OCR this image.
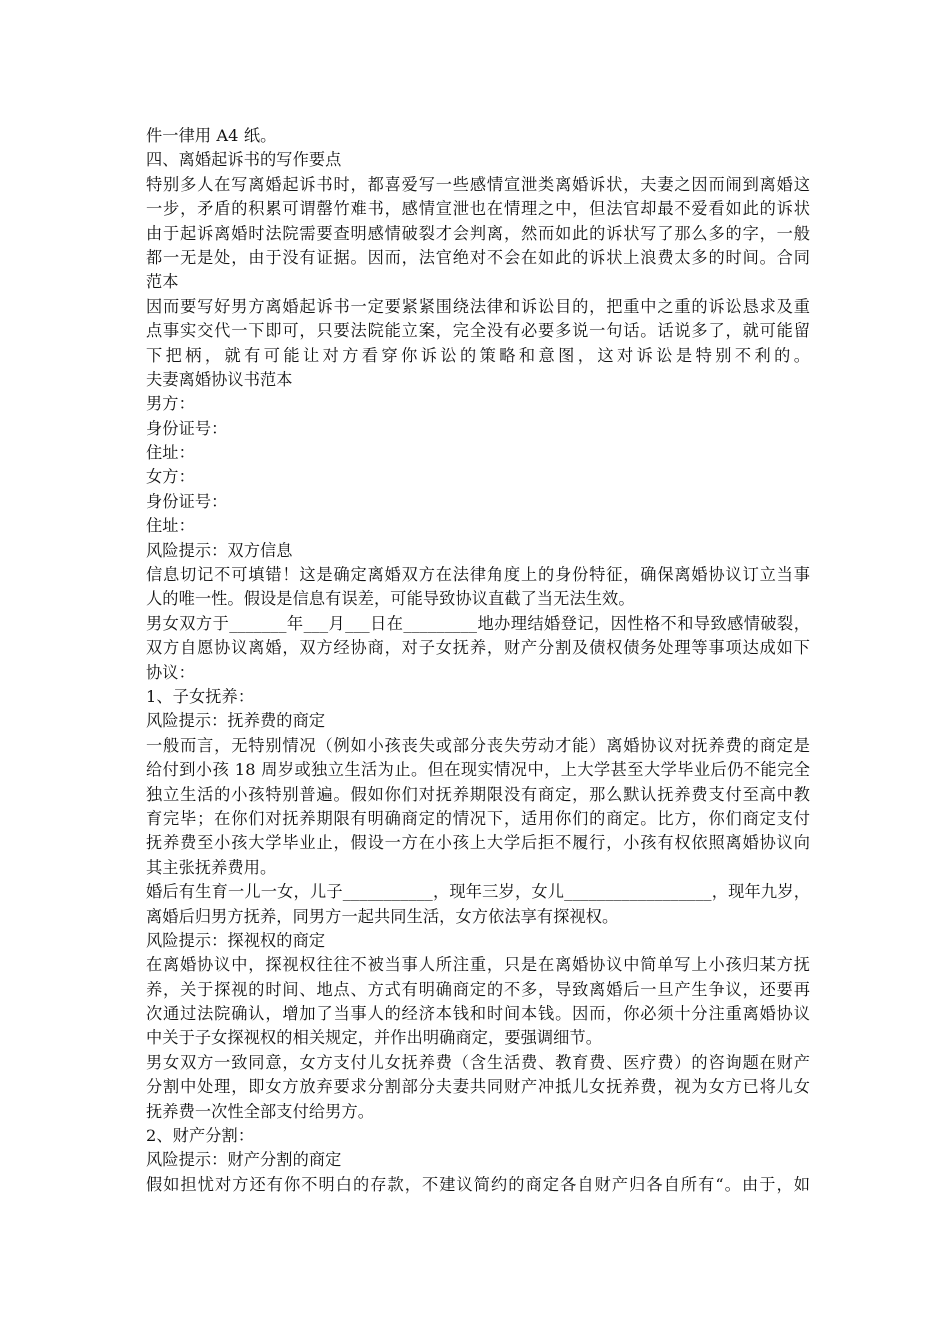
件一律用 A4 纸。
四、离婚起诉书的写作要点
特别多人在写离婚起诉书时，都喜爱写一些感情宣泄类离婚诉状，夫妻之因而闹到离婚这
一步，矛盾的积累可谓罄竹难书，感情宣泄也在情理之中，但法官却最不爱看如此的诉状
由于起诉离婚时法院需要查明感情破裂才会判离，然而如此的诉状写了那么多的字，一般
都一无是处，由于没有证据。因而，法官绝对不会在如此的诉状上浪费太多的时间。合同
范本
因而要写好男方离婚起诉书一定要紧紧围绕法律和诉讼目的，把重中之重的诉讼恳求及重
点事实交代一下即可，只要法院能立案，完全没有必要多说一句话。话说多了，就可能留
下把柄，就有可能让对方看穿你诉讼的策略和意图，这对诉讼是特别不利的。
夫妻离婚协议书范本
男方：
身份证号：
住址：
女方：
身份证号：
住址：
风险提示：双方信息
信息切记不可填错！这是确定离婚双方在法律角度上的身份特征，确保离婚协议订立当事
人的唯一性。假设是信息有误差，可能导致协议直截了当无法生效。
男女双方于_______年___月___日在_________地办理结婚登记，因性格不和导致感情破裂，
双方自愿协议离婚，双方经协商，对子女抚养，财产分割及债权债务处理等事项达成如下
协议：
1、子女抚养：
风险提示：抚养费的商定
一般而言，无特别情况（例如小孩丧失或部分丧失劳动才能）离婚协议对抚养费的商定是
给付到小孩 18 周岁或独立生活为止。但在现实情况中，上大学甚至大学毕业后仍不能完全
独立生活的小孩特别普遍。假如你们对抚养期限没有商定，那么默认抚养费支付至高中教
育完毕；在你们对抚养期限有明确商定的情况下，适用你们的商定。比方，你们商定支付
抚养费至小孩大学毕业止，假设一方在小孩上大学后拒不履行，小孩有权依照离婚协议向
其主张抚养费用。
婚后有生育一儿一女，儿子___________，现年三岁，女儿__________________，现年九岁，
离婚后归男方抚养，同男方一起共同生活，女方依法享有探视权。
风险提示：探视权的商定
在离婚协议中，探视权往往不被当事人所注重，只是在离婚协议中简单写上小孩归某方抚
养，关于探视的时间、地点、方式有明确商定的不多，导致离婚后一旦产生争议，还要再
次通过法院确认，增加了当事人的经济本钱和时间本钱。因而，你必须十分注重离婚协议
中关于子女探视权的相关规定，并作出明确商定，要强调细节。
男女双方一致同意，女方支付儿女抚养费（含生活费、教育费、医疗费）的咨询题在财产
分割中处理，即女方放弃要求分割部分夫妻共同财产冲抵儿女抚养费，视为女方已将儿女
抚养费一次性全部支付给男方。
2、财产分割：
风险提示：财产分割的商定
假如担忧对方还有你不明白的存款，不建议简约的商定各自财产归各自所有“。由于，如
